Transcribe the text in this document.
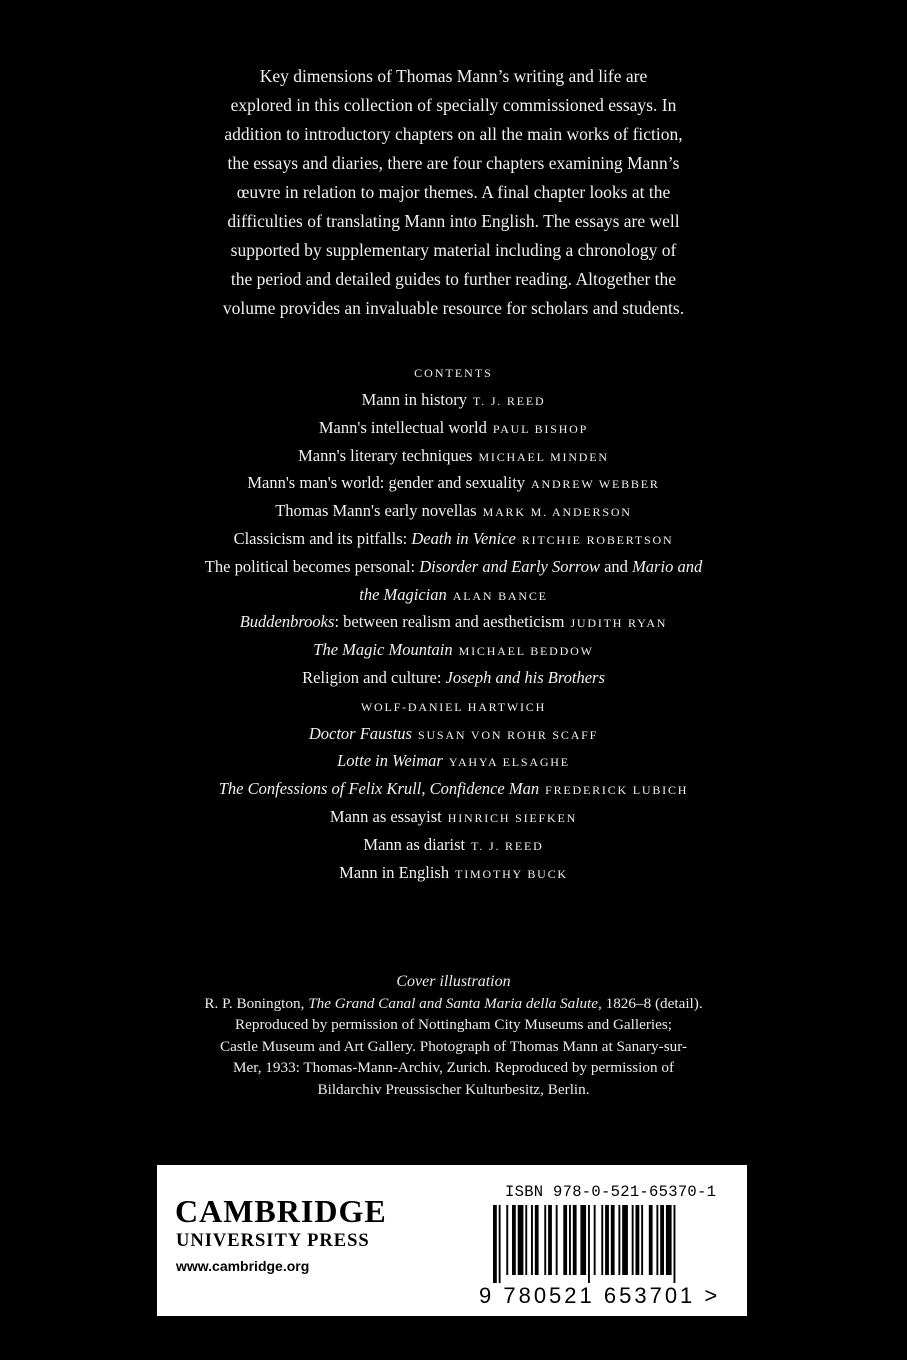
Key dimensions of Thomas Mann’s writing and life are
explored in this collection of specially commissioned essays. In
addition to introductory chapters on all the main works of fiction,
the essays and diaries, there are four chapters examining Mann’s
œuvre in relation to major themes. A final chapter looks at the
difficulties of translating Mann into English. The essays are well
supported by supplementary material including a chronology of
the period and detailed guides to further reading. Altogether the
volume provides an invaluable resource for scholars and students.
CONTENTS
Mann in history T. J. REED
Mann's intellectual world PAUL BISHOP
Mann's literary techniques MICHAEL MINDEN
Mann's man's world: gender and sexuality ANDREW WEBBER
Thomas Mann's early novellas MARK M. ANDERSON
Classicism and its pitfalls: Death in Venice RITCHIE ROBERTSON
The political becomes personal: Disorder and Early Sorrow and Mario and
the Magician ALAN BANCE
Buddenbrooks: between realism and aestheticism JUDITH RYAN
The Magic Mountain MICHAEL BEDDOW
Religion and culture: Joseph and his Brothers
WOLF-DANIEL HARTWICH
Doctor Faustus SUSAN VON ROHR SCAFF
Lotte in Weimar YAHYA ELSAGHE
The Confessions of Felix Krull, Confidence Man FREDERICK LUBICH
Mann as essayist HINRICH SIEFKEN
Mann as diarist T. J. REED
Mann in English TIMOTHY BUCK
Cover illustration
R. P. Bonington, The Grand Canal and Santa Maria della Salute, 1826–8 (detail).
Reproduced by permission of Nottingham City Museums and Galleries;
Castle Museum and Art Gallery. Photograph of Thomas Mann at Sanary-sur-
Mer, 1933: Thomas-Mann-Archiv, Zurich. Reproduced by permission of
Bildarchiv Preussischer Kulturbesitz, Berlin.
CAMBRIDGE
UNIVERSITY PRESS
www.cambridge.org
ISBN 978-0-521-65370-1
9 780521 653701 >
